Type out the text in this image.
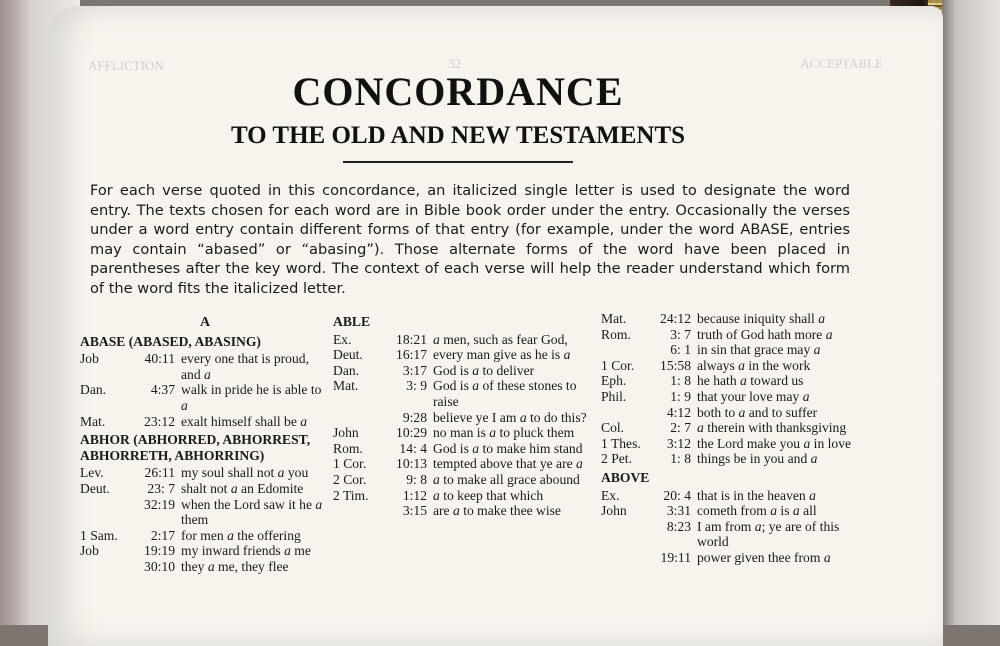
AFFLICTION	32	ACCEPTABLE
CONCORDANCE
TO THE OLD AND NEW TESTAMENTS
For each verse quoted in this concordance, an italicized single letter is used to designate the word entry. The texts chosen for each word are in Bible book order under the entry. Occasionally the verses under a word entry contain different forms of that entry (for example, under the word ABASE, entries may contain “abased” or “abasing”). Those alternate forms of the word have been placed in parentheses after the key word. The context of each verse will help the reader understand which form of the word fits the italicized letter.
A
ABASE (ABASED, ABASING)
Job	40:11 every one that is proud, and a
Dan.	4:37 walk in pride he is able to a
Mat.	23:12 exalt himself shall be a
ABHOR (ABHORRED, ABHORREST, ABHORRETH, ABHORRING)
Lev.	26:11 my soul shall not a you
Deut.	23: 7 shalt not a an Edomite
32:19 when the Lord saw it he a them
1 Sam.	2:17 for men a the offering
Job	19:19 my inward friends a me
30:10 they a me, they flee
ABLE
Ex.	18:21 a men, such as fear God,
Deut.	16:17 every man give as he is a
Dan.	3:17 God is a to deliver
Mat.	3: 9 God is a of these stones to raise
9:28 believe ye I am a to do this?
John	10:29 no man is a to pluck them
Rom.	14: 4 God is a to make him stand
1 Cor.	10:13 tempted above that ye are a
2 Cor.	9: 8 a to make all grace abound
2 Tim.	1:12 a to keep that which
3:15 are a to make thee wise
Mat.	24:12 because iniquity shall a
Rom.	3: 7 truth of God hath more a
6: 1 in sin that grace may a
1 Cor.	15:58 always a in the work
Eph.	1: 8 he hath a toward us
Phil.	1: 9 that your love may a
4:12 both to a and to suffer
Col.	2: 7 a therein with thanksgiving
1 Thes.	3:12 the Lord make you a in love
2 Pet.	1: 8 things be in you and a
ABOVE
Ex.	20: 4 that is in the heaven a
John	3:31 cometh from a is a all
8:23 I am from a; ye are of this world
19:11 power given thee from a
